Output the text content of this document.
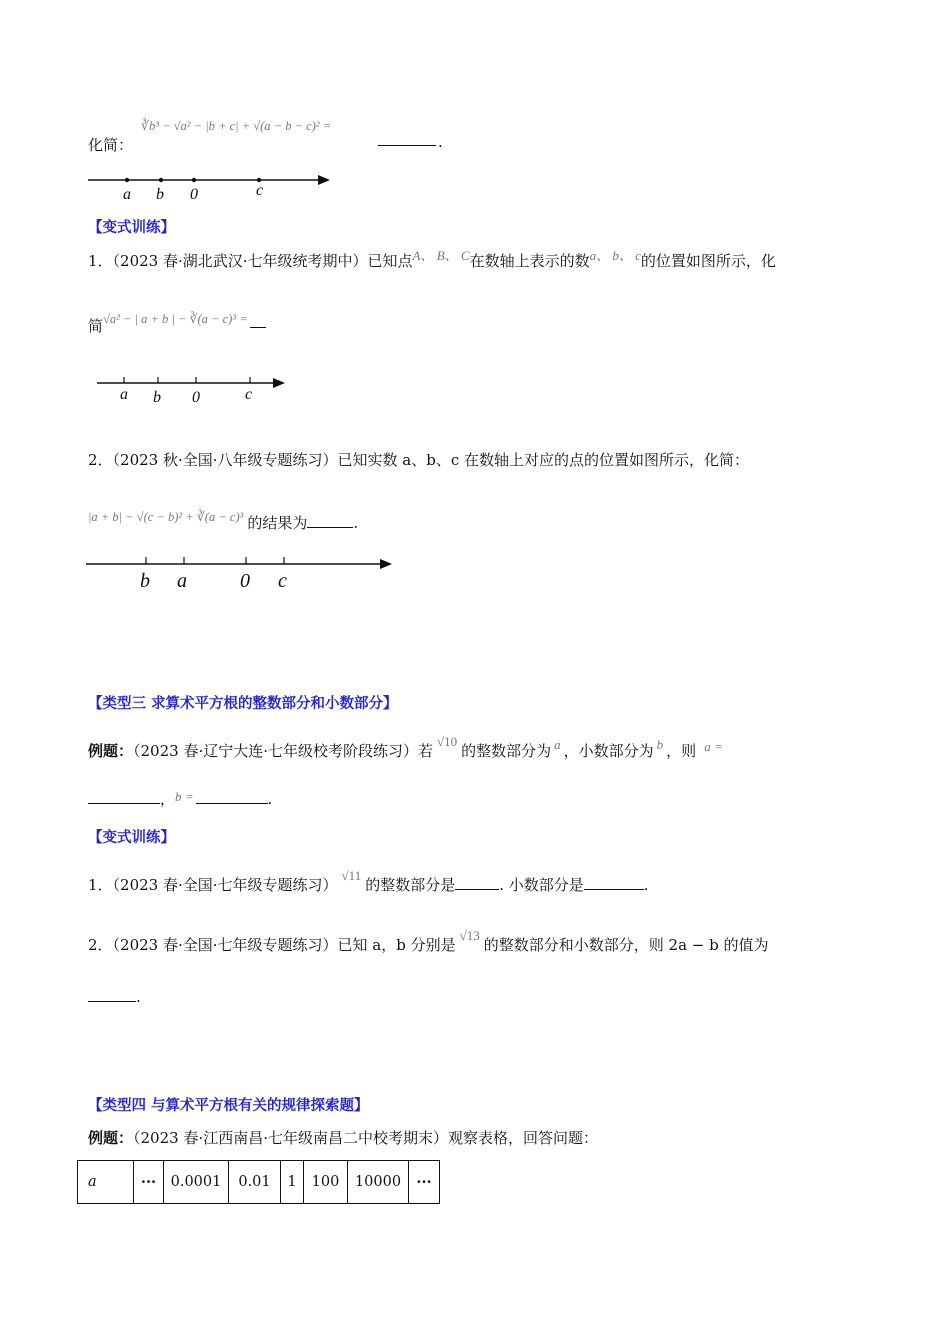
化简：
∛b³ − √a² − |b + c| + √(a − b − c)² =
.
a b 0	c
【变式训练】
1．（2023 春·湖北武汉·七年级统考期中）已知点A、 B、 C在数轴上表示的数a、 b、 c的位置如图所示，化
简$^{√a^2 - | a + b | - ∛(a - c)^3 =}$
a b 0	c
2．（2023 秋·全国·八年级专题练习）已知实数 a、b、c 在数轴上对应的点的位置如图所示，化简：
|a + b| − √(c − b)² + ∛(a − c)³ 的结果为	.
b a	0 c
【类型三 求算术平方根的整数部分和小数部分】
例题：（2023 春·辽宁大连·七年级校考阶段练习）若√10的整数部分为 a ，小数部分为 b ，则 a =
，b =	.
【变式训练】
1．（2023 春·全国·七年级专题练习）√11的整数部分是	. 小数部分是	.
2．（2023 春·全国·七年级专题练习）已知 a，b 分别是√13的整数部分和小数部分，则 2a − b 的值为
.
【类型四 与算术平方根有关的规律探索题】
例题：（2023 春·江西南昌·七年级南昌二中校考期末）观察表格，回答问题：
a	···	0.0001	0.01	1	100	10000	···
